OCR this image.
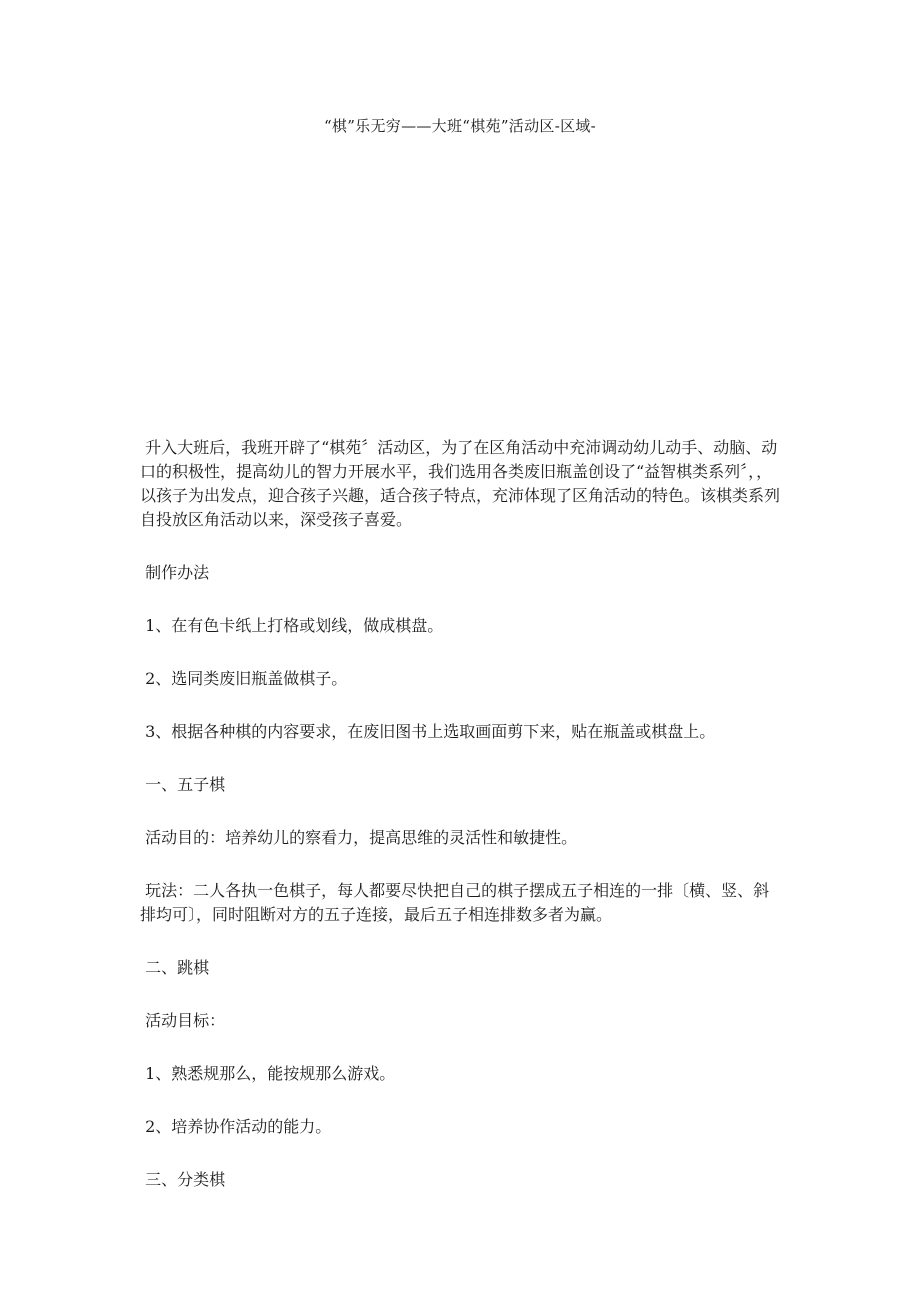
“棋”乐无穷——大班“棋苑”活动区-区域-

升入大班后，我班开辟了“棋苑〞活动区，为了在区角活动中充沛调动幼儿动手、动脑、动口的积极性，提高幼儿的智力开展水平，我们选用各类废旧瓶盖创设了“益智棋类系列〞，，以孩子为出发点，迎合孩子兴趣，适合孩子特点，充沛体现了区角活动的特色。该棋类系列自投放区角活动以来，深受孩子喜爱。

制作办法

1、在有色卡纸上打格或划线，做成棋盘。

2、选同类废旧瓶盖做棋子。

3、根据各种棋的内容要求，在废旧图书上选取画面剪下来，贴在瓶盖或棋盘上。

一、五子棋

活动目的：培养幼儿的察看力，提高思维的灵活性和敏捷性。

玩法：二人各执一色棋子，每人都要尽快把自己的棋子摆成五子相连的一排〔横、竖、斜排均可〕，同时阻断对方的五子连接，最后五子相连排数多者为赢。

二、跳棋

活动目标：

1、熟悉规那么，能按规那么游戏。

2、培养协作活动的能力。

三、分类棋
